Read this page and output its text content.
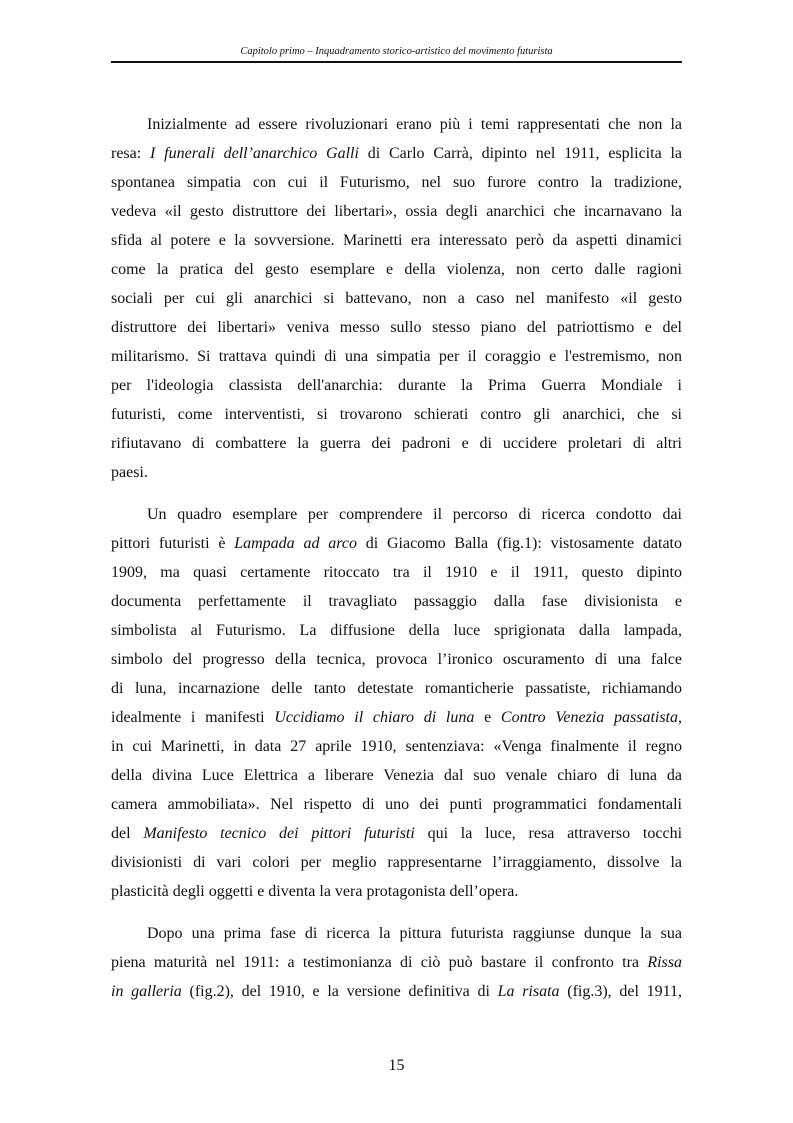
Capitolo primo – Inquadramento storico-artistico del movimento futurista
Inizialmente ad essere rivoluzionari erano più i temi rappresentati che non la
resa: I funerali dell’anarchico Galli di Carlo Carrà, dipinto nel 1911, esplicita la
spontanea simpatia con cui il Futurismo, nel suo furore contro la tradizione,
vedeva «il gesto distruttore dei libertari», ossia degli anarchici che incarnavano la
sfida al potere e la sovversione. Marinetti era interessato però da aspetti dinamici
come la pratica del gesto esemplare e della violenza, non certo dalle ragioni
sociali per cui gli anarchici si battevano, non a caso nel manifesto «il gesto
distruttore dei libertari» veniva messo sullo stesso piano del patriottismo e del
militarismo. Si trattava quindi di una simpatia per il coraggio e l'estremismo, non
per l'ideologia classista dell'anarchia: durante la Prima Guerra Mondiale i
futuristi, come interventisti, si trovarono schierati contro gli anarchici, che si
rifiutavano di combattere la guerra dei padroni e di uccidere proletari di altri
paesi.
Un quadro esemplare per comprendere il percorso di ricerca condotto dai
pittori futuristi è Lampada ad arco di Giacomo Balla (fig.1): vistosamente datato
1909, ma quasi certamente ritoccato tra il 1910 e il 1911, questo dipinto
documenta perfettamente il travagliato passaggio dalla fase divisionista e
simbolista al Futurismo. La diffusione della luce sprigionata dalla lampada,
simbolo del progresso della tecnica, provoca l’ironico oscuramento di una falce
di luna, incarnazione delle tanto detestate romanticherie passatiste, richiamando
idealmente i manifesti Uccidiamo il chiaro di luna e Contro Venezia passatista,
in cui Marinetti, in data 27 aprile 1910, sentenziava: «Venga finalmente il regno
della divina Luce Elettrica a liberare Venezia dal suo venale chiaro di luna da
camera ammobiliata». Nel rispetto di uno dei punti programmatici fondamentali
del Manifesto tecnico dei pittori futuristi qui la luce, resa attraverso tocchi
divisionisti di vari colori per meglio rappresentarne l’irraggiamento, dissolve la
plasticità degli oggetti e diventa la vera protagonista dell’opera.
Dopo una prima fase di ricerca la pittura futurista raggiunse dunque la sua
piena maturità nel 1911: a testimonianza di ciò può bastare il confronto tra Rissa
in galleria (fig.2), del 1910, e la versione definitiva di La risata (fig.3), del 1911,
15
